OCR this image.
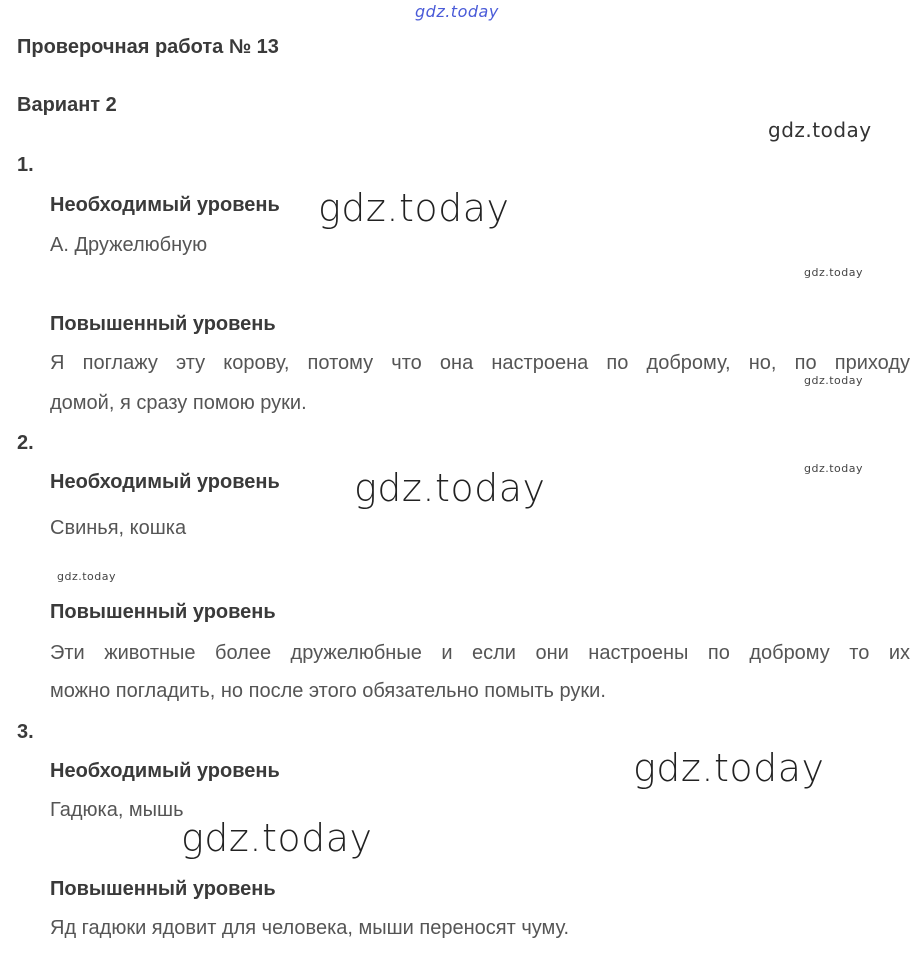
gdz.today
gdz.today
gdz.today
gdz.today
gdz.today
gdz.today
gdz.today
gdz.today
gdz.today
gdz.today
Проверочная работа № 13
Вариант 2
1.
Необходимый уровень
А. Дружелюбную
Повышенный уровень
Я поглажу эту корову, потому что она настроена по доброму, но, по приходу
домой, я сразу помою руки.
2.
Необходимый уровень
Свинья, кошка
Повышенный уровень
Эти животные более дружелюбные и если они настроены по доброму то их
можно погладить, но после этого обязательно помыть руки.
3.
Необходимый уровень
Гадюка, мышь
Повышенный уровень
Яд гадюки ядовит для человека, мыши переносят чуму.
